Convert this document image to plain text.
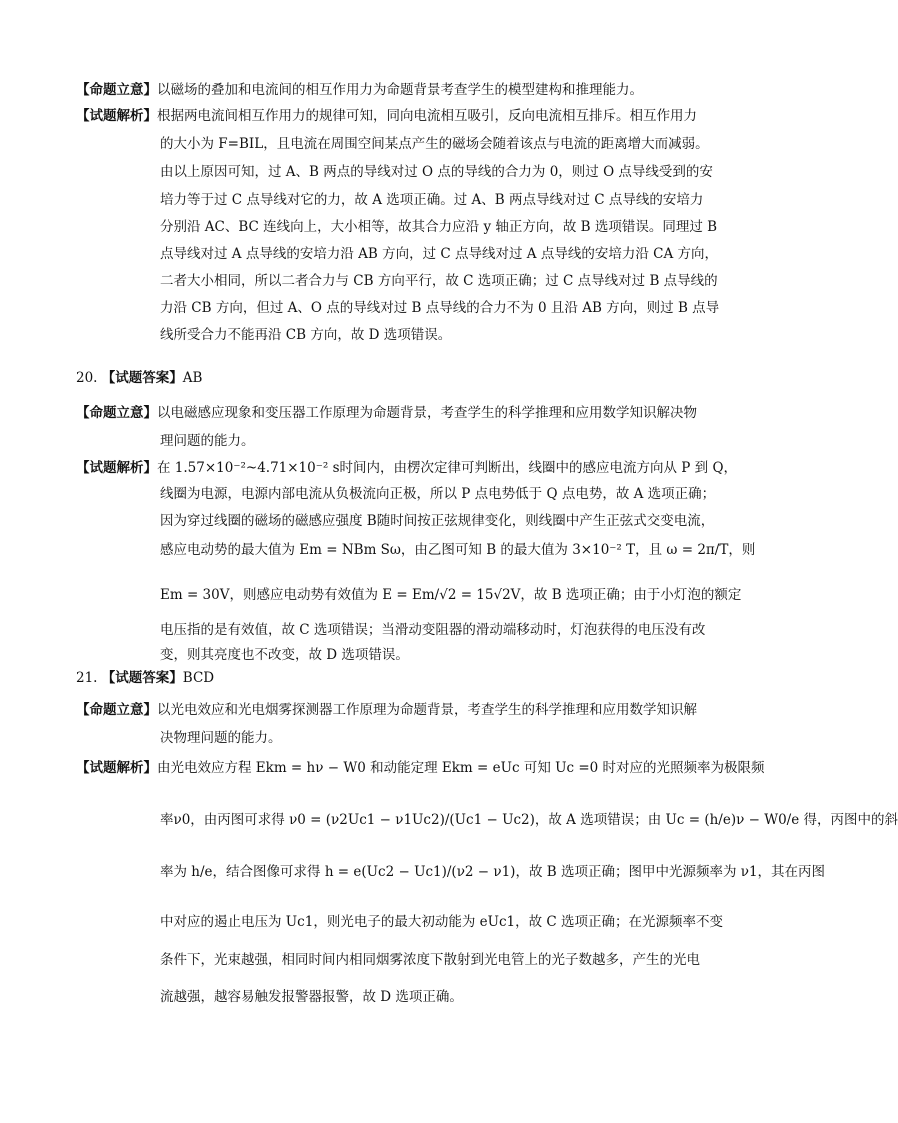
【命题立意】以磁场的叠加和电流间的相互作用力为命题背景考查学生的模型建构和推理能力。
【试题解析】根据两电流间相互作用力的规律可知，同向电流相互吸引，反向电流相互排斥。相互作用力
的大小为 F=BIL，且电流在周围空间某点产生的磁场会随着该点与电流的距离增大而减弱。
由以上原因可知，过 A、B 两点的导线对过 O 点的导线的合力为 0，则过 O 点导线受到的安
培力等于过 C 点导线对它的力，故 A 选项正确。过 A、B 两点导线对过 C 点导线的安培力
分别沿 AC、BC 连线向上，大小相等，故其合力应沿 y 轴正方向，故 B 选项错误。同理过 B
点导线对过 A 点导线的安培力沿 AB 方向，过 C 点导线对过 A 点导线的安培力沿 CA 方向，
二者大小相同，所以二者合力与 CB 方向平行，故 C 选项正确；过 C 点导线对过 B 点导线的
力沿 CB 方向，但过 A、O 点的导线对过 B 点导线的合力不为 0 且沿 AB 方向，则过 B 点导
线所受合力不能再沿 CB 方向，故 D 选项错误。
20. 【试题答案】AB
【命题立意】以电磁感应现象和变压器工作原理为命题背景，考查学生的科学推理和应用数学知识解决物
理问题的能力。
【试题解析】在 1.57×10⁻²~4.71×10⁻² s时间内，由楞次定律可判断出，线圈中的感应电流方向从 P 到 Q，
线圈为电源，电源内部电流从负极流向正极，所以 P 点电势低于 Q 点电势，故 A 选项正确；
因为穿过线圈的磁场的磁感应强度 B随时间按正弦规律变化，则线圈中产生正弦式交变电流，
感应电动势的最大值为 Em = NBm Sω，由乙图可知 B 的最大值为 3×10⁻² T，且 ω = 2π/T，则
Em = 30V，则感应电动势有效值为 E = Em/√2 = 15√2V，故 B 选项正确；由于小灯泡的额定
电压指的是有效值，故 C 选项错误；当滑动变阻器的滑动端移动时，灯泡获得的电压没有改
变，则其亮度也不改变，故 D 选项错误。
21. 【试题答案】BCD
【命题立意】以光电效应和光电烟雾探测器工作原理为命题背景，考查学生的科学推理和应用数学知识解
决物理问题的能力。
【试题解析】由光电效应方程 Ekm = hν − W0 和动能定理 Ekm = eUc 可知 Uc =0 时对应的光照频率为极限频
率ν0，由丙图可求得 ν0 = (ν2Uc1 − ν1Uc2)/(Uc1 − Uc2)，故 A 选项错误；由 Uc = (h/e)ν − W0/e 得，丙图中的斜
率为 h/e，结合图像可求得 h = e(Uc2 − Uc1)/(ν2 − ν1)，故 B 选项正确；图甲中光源频率为 ν1，其在丙图
中对应的遏止电压为 Uc1，则光电子的最大初动能为 eUc1，故 C 选项正确；在光源频率不变
条件下，光束越强，相同时间内相同烟雾浓度下散射到光电管上的光子数越多，产生的光电
流越强，越容易触发报警器报警，故 D 选项正确。
